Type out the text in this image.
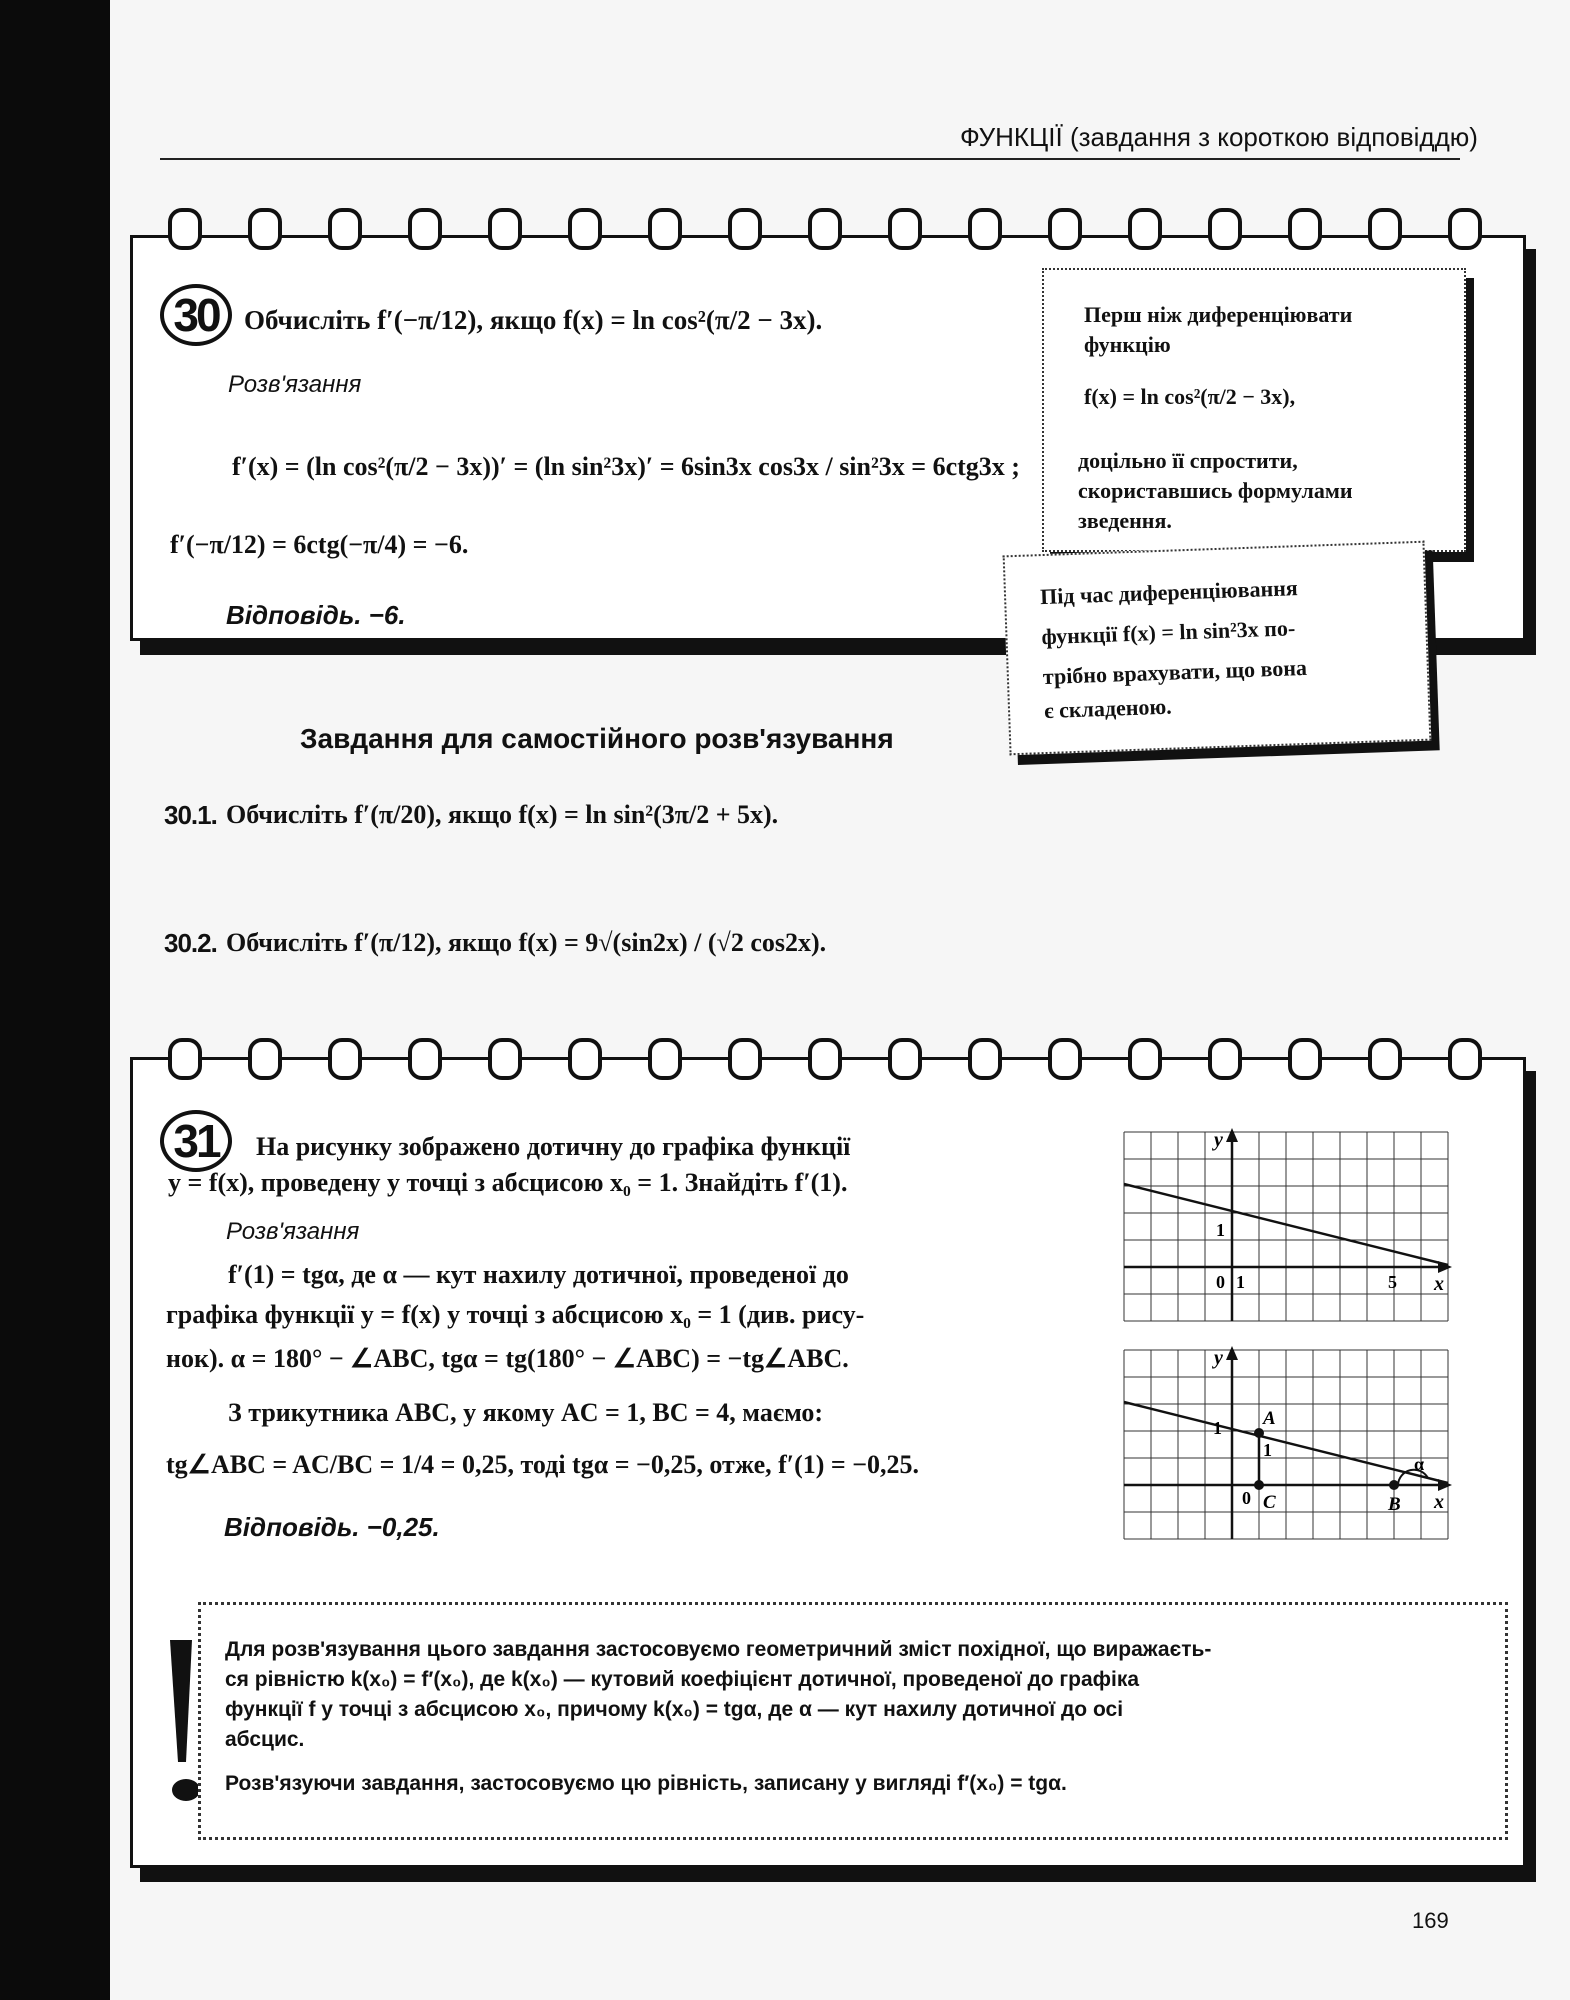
ФУНКЦІЇ (завдання з короткою відповіддю)
30 Обчисліть f′(−π/12), якщо f(x) = ln cos²(π/2 − 3x).
Розв'язання
f′(x) = (ln cos²(π/2 − 3x))′ = (ln sin²3x)′ = 6sin3x cos3x / sin²3x = 6ctg3x ;
f′(−π/12) = 6ctg(−π/4) = −6.
Відповідь. −6.
Перш ніж диференціювати
функцію
f(x) = ln cos²(π/2 − 3x),
доцільно її спростити,
скориставшись формулами
зведення.
Під час диференціювання
функції f(x) = ln sin²3x по-
трібно врахувати, що вона
є складеною.
Завдання для самостійного розв'язування
30.1. Обчисліть f′(π/20), якщо f(x) = ln sin²(3π/2 + 5x).
30.2. Обчисліть f′(π/12), якщо f(x) = 9√(sin2x) / (√2 cos2x).
31	На рисунку зображено дотичну до графіка функції
y = f(x), проведену у точці з абсцисою x₀ = 1. Знайдіть f′(1).
Розв'язання
f′(1) = tgα, де α — кут нахилу дотичної, проведеної до
графіка функції y = f(x) у точці з абсцисою x₀ = 1 (див. рису-
нок). α = 180° − ∠ABC, tgα = tg(180° − ∠ABC) = −tg∠ABC.
З трикутника ABC, у якому AC = 1, BC = 4, маємо:
tg∠ABC = AC/BC = 1/4 = 0,25, тоді tgα = −0,25, отже, f′(1) = −0,25.
Відповідь. −0,25.
y
x
0 1
1
5
y
x
0
1
1
A
C	B
α
Для розв'язування цього завдання застосовуємо геометричний зміст похідної, що виражаєть-
ся рівністю k(x₀) = f′(x₀), де k(x₀) — кутовий коефіцієнт дотичної, проведеної до графіка
функції f у точці з абсцисою x₀, причому k(x₀) = tgα, де α — кут нахилу дотичної до осі
абсцис.
Розв'язуючи завдання, застосовуємо цю рівність, записану у вигляді f′(x₀) = tgα.
169
